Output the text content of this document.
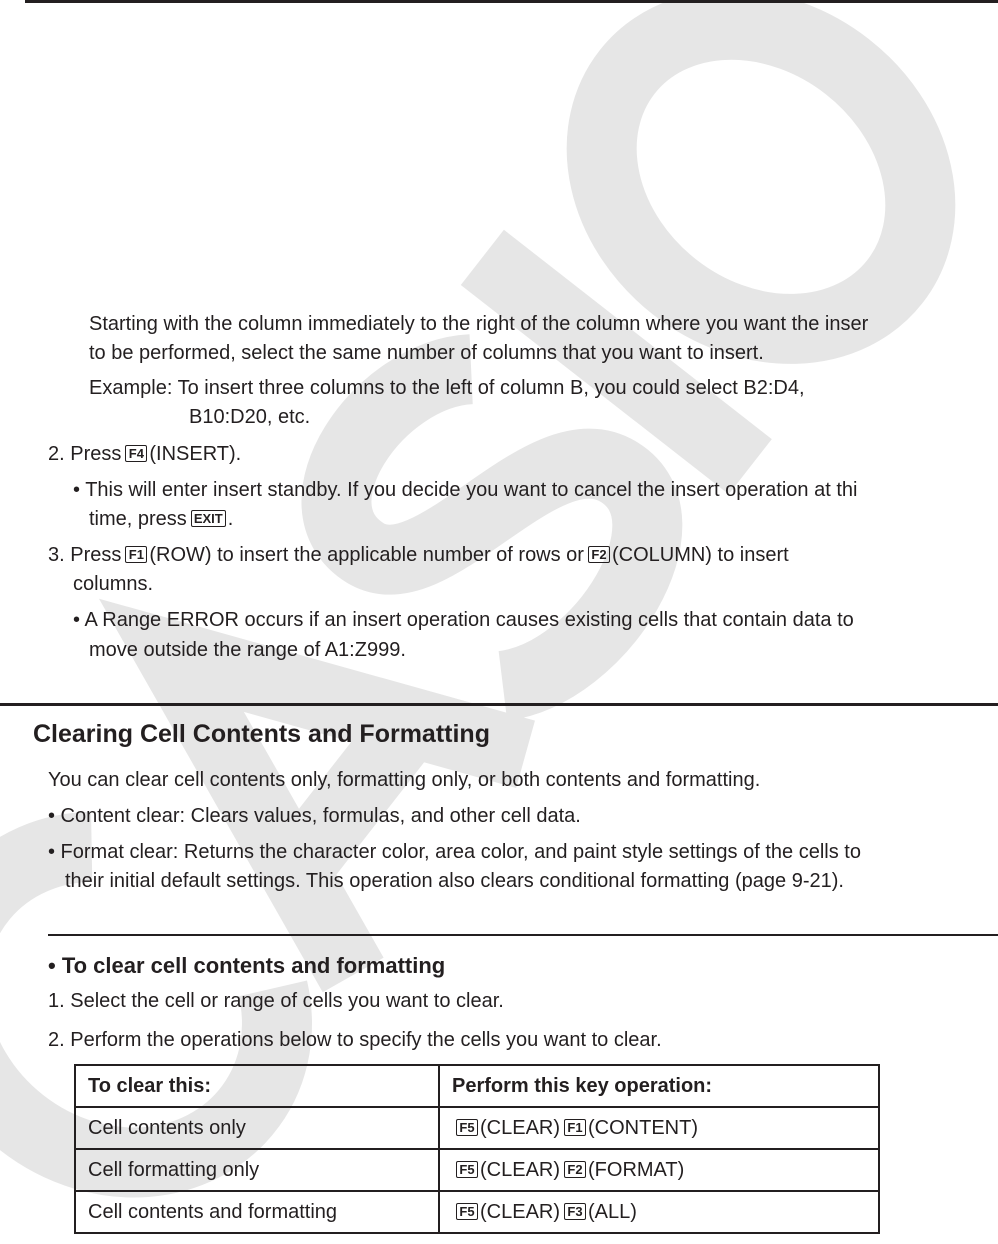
Starting with the column immediately to the right of the column where you want the inser
to be performed, select the same number of columns that you want to insert.
Example: To insert three columns to the left of column B, you could select B2:D4,
B10:D20, etc.
2. Press F4 (INSERT).
• This will enter insert standby. If you decide you want to cancel the insert operation at thi
time, press EXIT .
3. Press F1 (ROW) to insert the applicable number of rows or F2 (COLUMN) to insert
columns.
• A Range ERROR occurs if an insert operation causes existing cells that contain data to
move outside the range of A1:Z999.
Clearing Cell Contents and Formatting
You can clear cell contents only, formatting only, or both contents and formatting.
• Content clear: Clears values, formulas, and other cell data.
• Format clear: Returns the character color, area color, and paint style settings of the cells to
their initial default settings. This operation also clears conditional formatting (page 9-21).
• To clear cell contents and formatting
1. Select the cell or range of cells you want to clear.
2. Perform the operations below to specify the cells you want to clear.
To clear this:	Perform this key operation:
Cell contents only	F5 (CLEAR) F1 (CONTENT)
Cell formatting only	F5 (CLEAR) F2 (FORMAT)
Cell contents and formatting	F5 (CLEAR) F3 (ALL)
